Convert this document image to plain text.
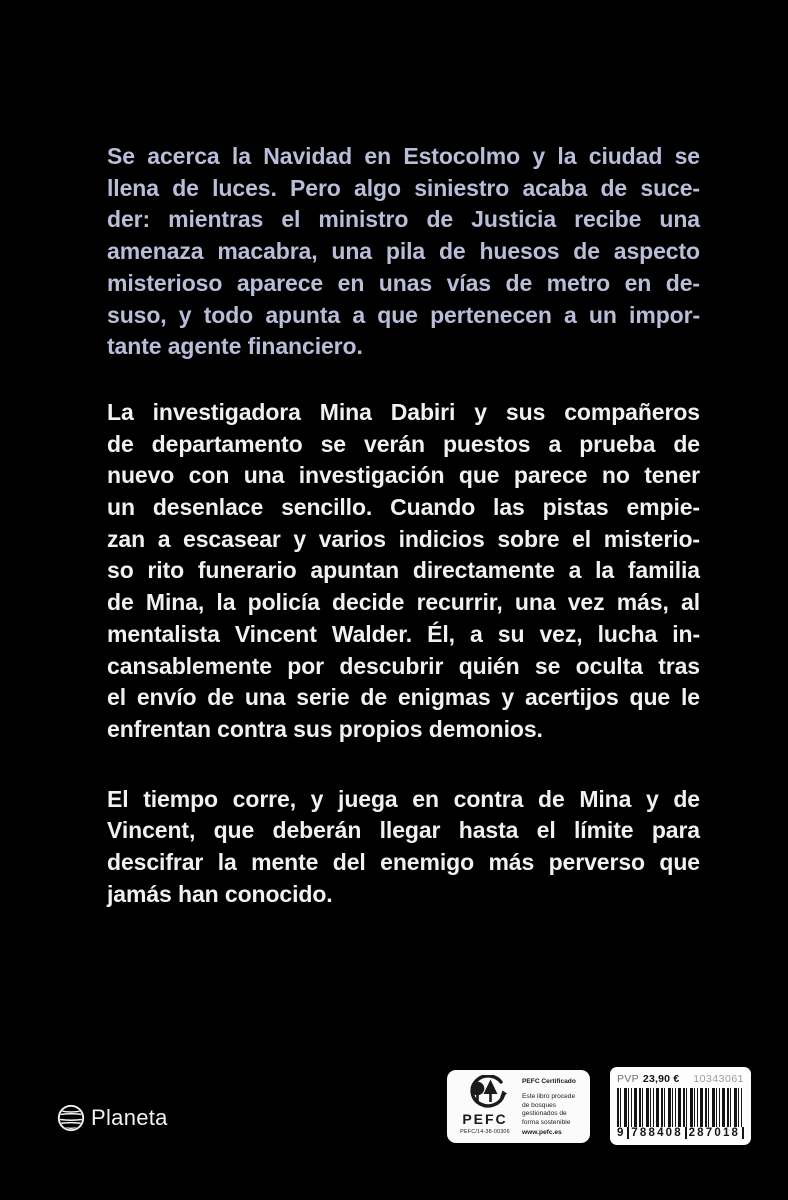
Se acerca la Navidad en Estocolmo y la ciudad se
llena de luces. Pero algo siniestro acaba de suce-
der: mientras el ministro de Justicia recibe una
amenaza macabra, una pila de huesos de aspecto
misterioso aparece en unas vías de metro en de-
suso, y todo apunta a que pertenecen a un impor-
tante agente financiero.
La investigadora Mina Dabiri y sus compañeros
de departamento se verán puestos a prueba de
nuevo con una investigación que parece no tener
un desenlace sencillo. Cuando las pistas empie-
zan a escasear y varios indicios sobre el misterio-
so rito funerario apuntan directamente a la familia
de Mina, la policía decide recurrir, una vez más, al
mentalista Vincent Walder. Él, a su vez, lucha in-
cansablemente por descubrir quién se oculta tras
el envío de una serie de enigmas y acertijos que le
enfrentan contra sus propios demonios.
El tiempo corre, y juega en contra de Mina y de
Vincent, que deberán llegar hasta el límite para
descifrar la mente del enemigo más perverso que
jamás han conocido.
Planeta	PEFC
PEFC/14-38-00306
PEFC Certificado
Este libro procede de bosques gestionados de forma sostenible
www.pefc.es
PVP 23,90 € 10343061
9 788408 287018
